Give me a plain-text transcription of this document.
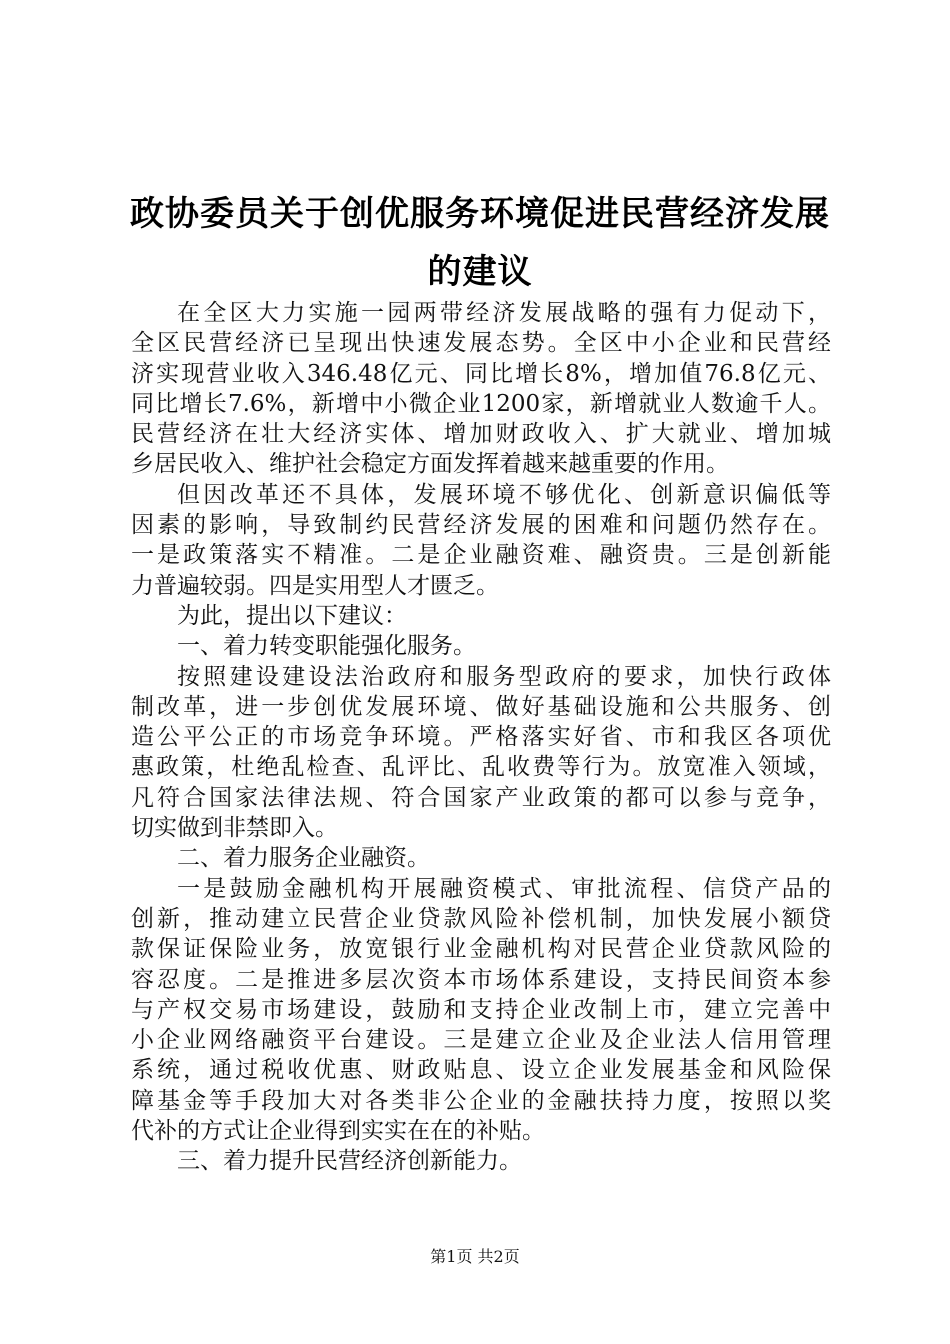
政协委员关于创优服务环境促进民营经济发展
的建议
在全区大力实施一园两带经济发展战略的强有力促动下，
全区民营经济已呈现出快速发展态势。全区中小企业和民营经
济实现营业收入346.48亿元、同比增长8%，增加值76.8亿元、
同比增长7.6%，新增中小微企业1200家，新增就业人数逾千人。
民营经济在壮大经济实体、增加财政收入、扩大就业、增加城
乡居民收入、维护社会稳定方面发挥着越来越重要的作用。
但因改革还不具体，发展环境不够优化、创新意识偏低等
因素的影响，导致制约民营经济发展的困难和问题仍然存在。
一是政策落实不精准。二是企业融资难、融资贵。三是创新能
力普遍较弱。四是实用型人才匮乏。
为此，提出以下建议：
一、着力转变职能强化服务。
按照建设建设法治政府和服务型政府的要求，加快行政体
制改革，进一步创优发展环境、做好基础设施和公共服务、创
造公平公正的市场竞争环境。严格落实好省、市和我区各项优
惠政策，杜绝乱检查、乱评比、乱收费等行为。放宽准入领域，
凡符合国家法律法规、符合国家产业政策的都可以参与竞争，
切实做到非禁即入。
二、着力服务企业融资。
一是鼓励金融机构开展融资模式、审批流程、信贷产品的
创新，推动建立民营企业贷款风险补偿机制，加快发展小额贷
款保证保险业务，放宽银行业金融机构对民营企业贷款风险的
容忍度。二是推进多层次资本市场体系建设，支持民间资本参
与产权交易市场建设，鼓励和支持企业改制上市，建立完善中
小企业网络融资平台建设。三是建立企业及企业法人信用管理
系统，通过税收优惠、财政贴息、设立企业发展基金和风险保
障基金等手段加大对各类非公企业的金融扶持力度，按照以奖
代补的方式让企业得到实实在在的补贴。
三、着力提升民营经济创新能力。
第1页 共2页
